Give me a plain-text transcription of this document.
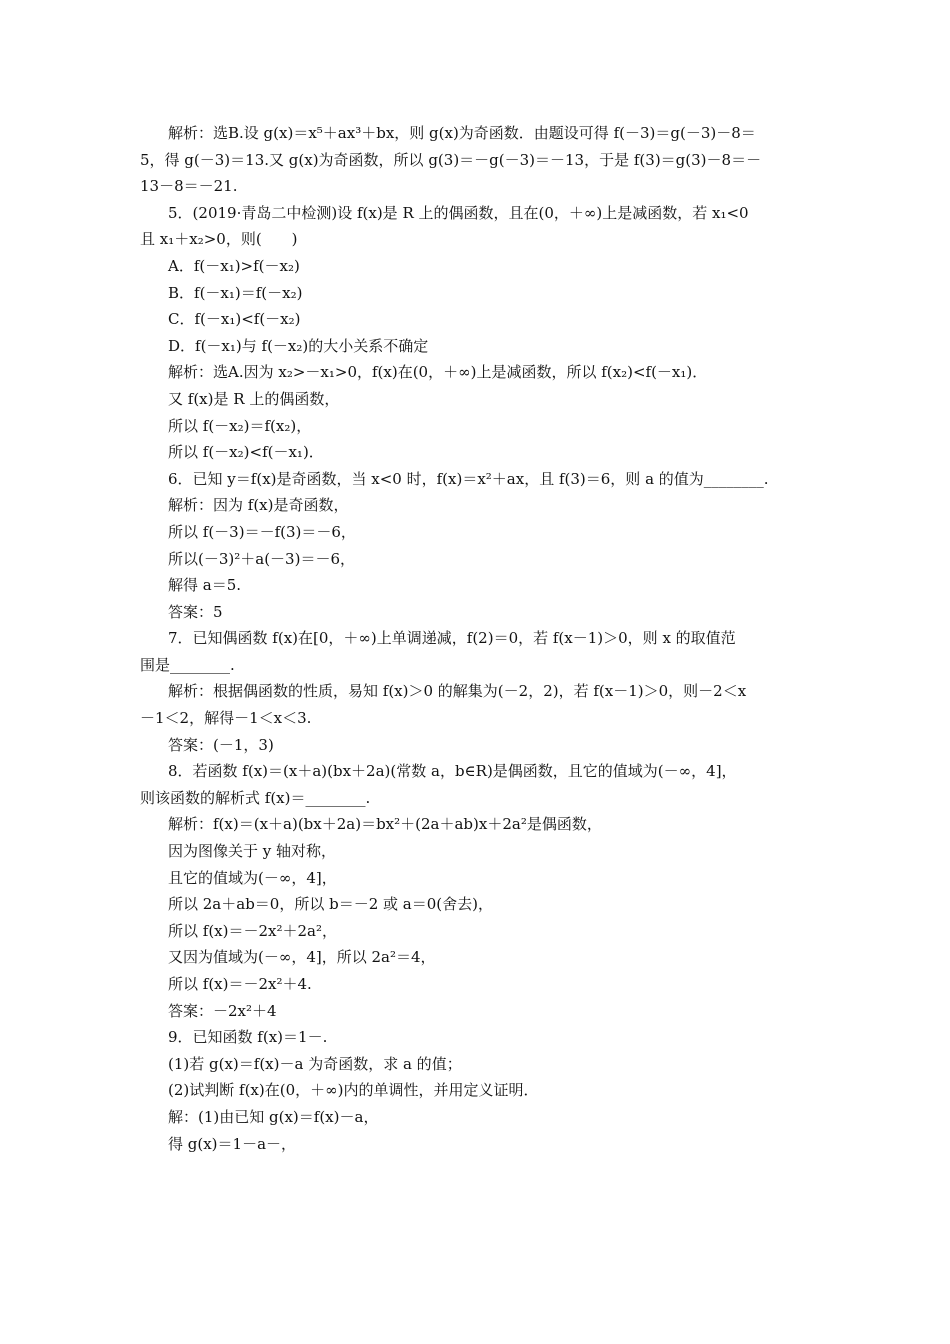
解析：选B.设 g(x)＝x⁵＋ax³＋bx，则 g(x)为奇函数．由题设可得 f(－3)＝g(－3)－8＝
5，得 g(－3)＝13.又 g(x)为奇函数，所以 g(3)＝－g(－3)＝－13，于是 f(3)＝g(3)－8＝－
13－8＝－21.
5．(2019·青岛二中检测)设 f(x)是 R 上的偶函数，且在(0，＋∞)上是减函数，若 x₁<0
且 x₁＋x₂>0，则(　　)
A．f(－x₁)>f(－x₂)
B．f(－x₁)＝f(－x₂)
C．f(－x₁)<f(－x₂)
D．f(－x₁)与 f(－x₂)的大小关系不确定
解析：选A.因为 x₂>－x₁>0，f(x)在(0，＋∞)上是减函数，所以 f(x₂)<f(－x₁)．
又 f(x)是 R 上的偶函数，
所以 f(－x₂)＝f(x₂)，
所以 f(－x₂)<f(－x₁)．
6．已知 y＝f(x)是奇函数，当 x<0 时，f(x)＝x²＋ax，且 f(3)＝6，则 a 的值为________.
解析：因为 f(x)是奇函数，
所以 f(－3)＝－f(3)＝－6，
所以(－3)²＋a(－3)＝－6，
解得 a＝5.
答案：5
7．已知偶函数 f(x)在[0，＋∞)上单调递减，f(2)＝0，若 f(x－1)＞0，则 x 的取值范
围是________.
解析：根据偶函数的性质，易知 f(x)＞0 的解集为(－2，2)，若 f(x－1)＞0，则－2＜x
－1＜2，解得－1＜x＜3.
答案：(－1，3)
8．若函数 f(x)＝(x＋a)(bx＋2a)(常数 a，b∈R)是偶函数，且它的值域为(－∞，4]，
则该函数的解析式 f(x)＝________.
解析：f(x)＝(x＋a)(bx＋2a)＝bx²＋(2a＋ab)x＋2a²是偶函数，
因为图像关于 y 轴对称，
且它的值域为(－∞，4]，
所以 2a＋ab＝0，所以 b＝－2 或 a＝0(舍去)，
所以 f(x)＝－2x²＋2a²，
又因为值域为(－∞，4]，所以 2a²＝4，
所以 f(x)＝－2x²＋4.
答案：－2x²＋4
9．已知函数 f(x)＝1－.
(1)若 g(x)＝f(x)－a 为奇函数，求 a 的值；
(2)试判断 f(x)在(0，＋∞)内的单调性，并用定义证明．
解：(1)由已知 g(x)＝f(x)－a，
得 g(x)＝1－a－，
